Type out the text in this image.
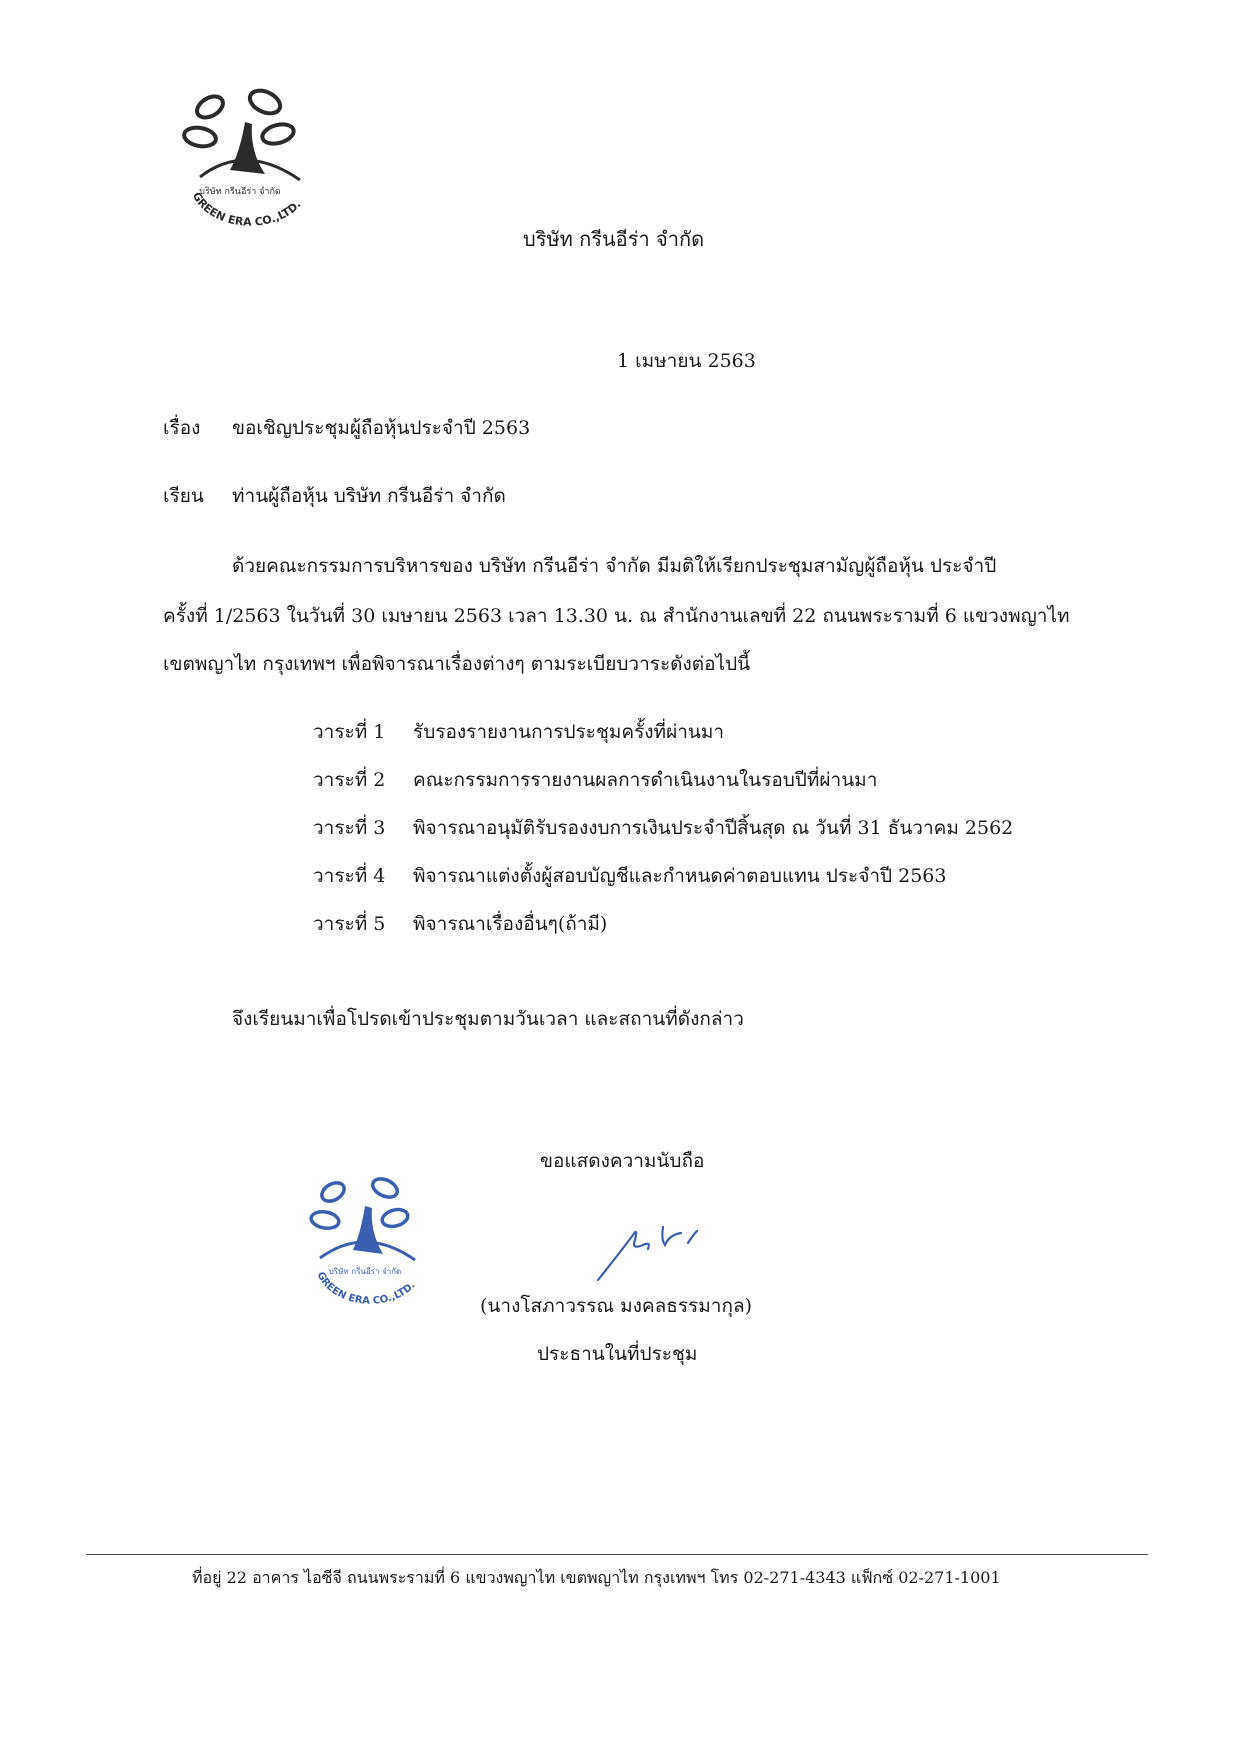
GREEN ERA CO.,LTD.
บริษัท กรีนอีร่า จำกัด
บริษัท กรีนอีร่า จำกัด
1 เมษายน 2563
เรื่อง ขอเชิญประชุมผู้ถือหุ้นประจำปี 2563
เรียน ท่านผู้ถือหุ้น บริษัท กรีนอีร่า จำกัด
ด้วยคณะกรรมการบริหารของ บริษัท กรีนอีร่า จำกัด มีมติให้เรียกประชุมสามัญผู้ถือหุ้น ประจำปี
ครั้งที่ 1/2563 ในวันที่ 30 เมษายน 2563 เวลา 13.30 น. ณ สำนักงานเลขที่ 22 ถนนพระรามที่ 6 แขวงพญาไท
เขตพญาไท กรุงเทพฯ เพื่อพิจารณาเรื่องต่างๆ ตามระเบียบวาระดังต่อไปนี้
วาระที่ 1 รับรองรายงานการประชุมครั้งที่ผ่านมา
วาระที่ 2 คณะกรรมการรายงานผลการดำเนินงานในรอบปีที่ผ่านมา
วาระที่ 3 พิจารณาอนุมัติรับรองงบการเงินประจำปีสิ้นสุด ณ วันที่ 31 ธันวาคม 2562
วาระที่ 4 พิจารณาแต่งตั้งผู้สอบบัญชีและกำหนดค่าตอบแทน ประจำปี 2563
วาระที่ 5 พิจารณาเรื่องอื่นๆ(ถ้ามี)
จึงเรียนมาเพื่อโปรดเข้าประชุมตามวันเวลา และสถานที่ดังกล่าว
ขอแสดงความนับถือ
GREEN ERA CO.,LTD.
บริษัท กรีนอีร่า จำกัด
(นางโสภาวรรณ มงคลธรรมากุล)
ประธานในที่ประชุม
ที่อยู่ 22 อาคาร ไอซีจี ถนนพระรามที่ 6 แขวงพญาไท เขตพญาไท กรุงเทพฯ โทร 02-271-4343 แฟ็กซ์ 02-271-1001
